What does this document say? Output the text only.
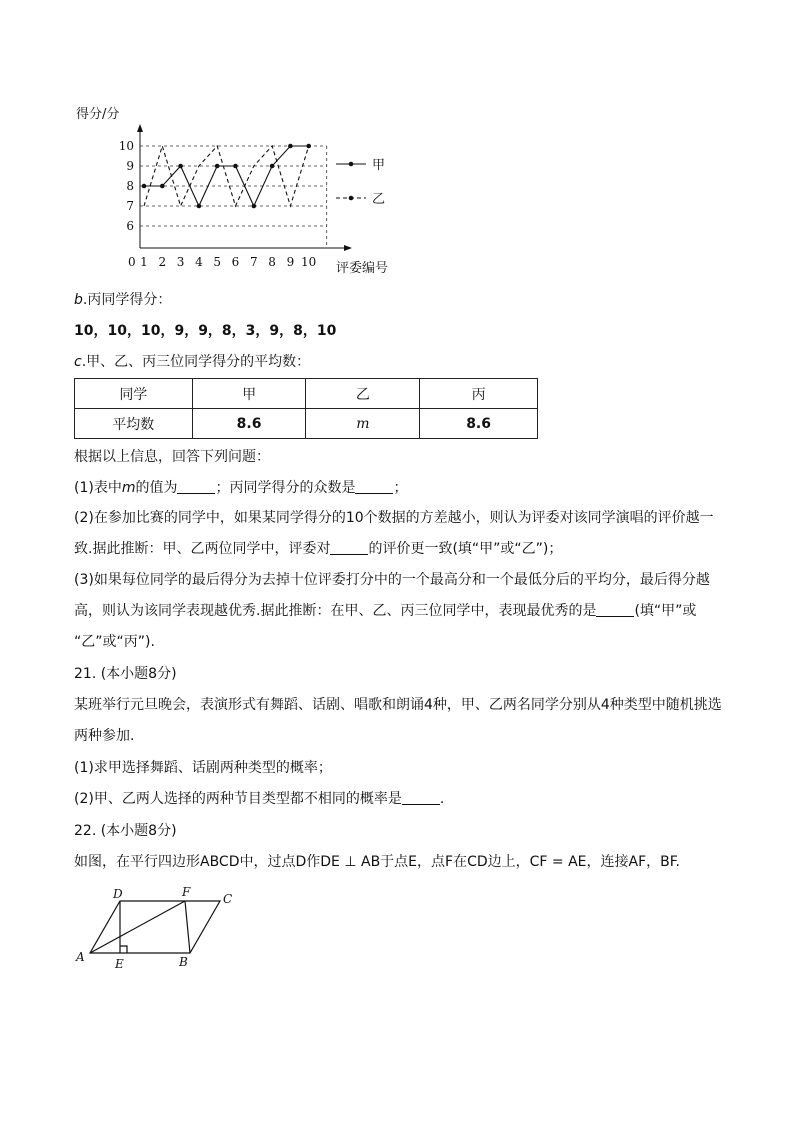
得分/分
6
7
8
9
10
0 1 2 3 4 5 6 7 8 9 10 评委编号
甲
乙
b.丙同学得分：
10，10，10，9，9，8，3，9，8，10
c.甲、乙、丙三位同学得分的平均数：
同学	甲	乙	丙
平均数	8.6	m	8.6
根据以上信息，回答下列问题：
(1)表中m的值为	；丙同学得分的众数是	；
(2)在参加比赛的同学中，如果某同学得分的10个数据的方差越小，则认为评委对该同学演唱的评价越一
致.据此推断：甲、乙两位同学中，评委对	的评价更一致(填“甲”或“乙”)；
(3)如果每位同学的最后得分为去掉十位评委打分中的一个最高分和一个最低分后的平均分，最后得分越
高，则认为该同学表现越优秀.据此推断：在甲、乙、丙三位同学中，表现最优秀的是	(填“甲”或
“乙”或“丙”).
21. (本小题8分)
某班举行元旦晚会，表演形式有舞蹈、话剧、唱歌和朗诵4种，甲、乙两名同学分别从4种类型中随机挑选
两种参加.
(1)求甲选择舞蹈、话剧两种类型的概率；
(2)甲、乙两人选择的两种节目类型都不相同的概率是	.
22. (本小题8分)
如图，在平行四边形ABCD中，过点D作DE ⊥ AB于点E，点F在CD边上，CF = AE，连接AF，BF.
D	F	C
A	E	B
